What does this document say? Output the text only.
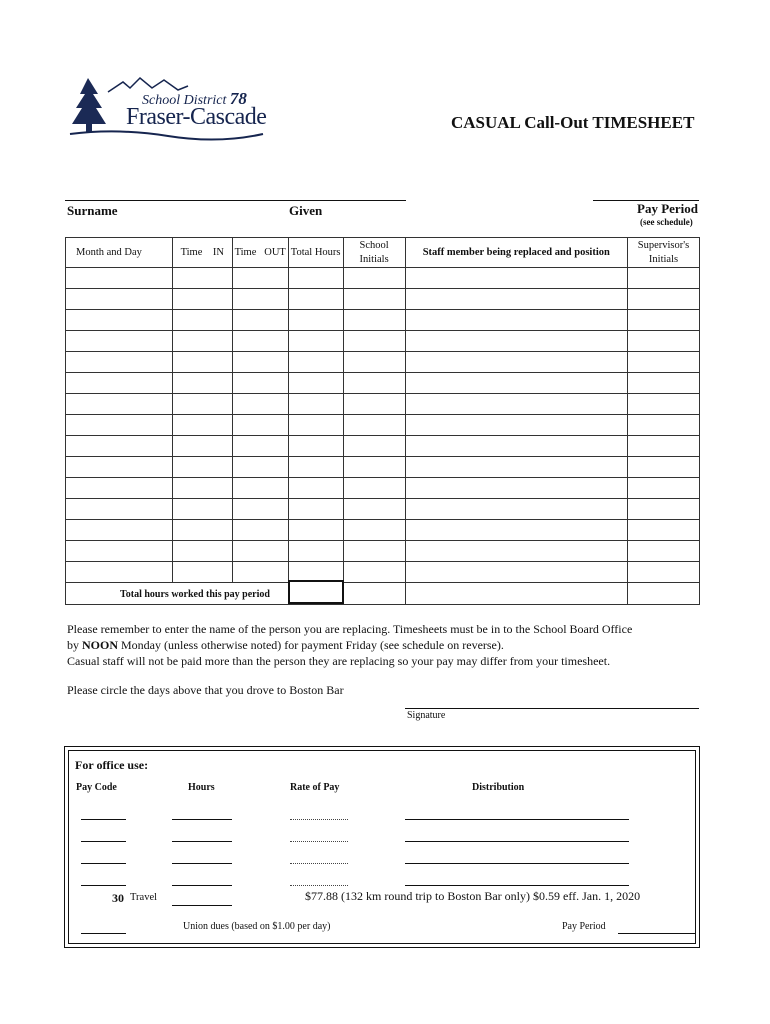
School District 78
Fraser-Cascade	CASUAL Call-Out TIMESHEET
Surname	Given	Pay Period
(see schedule)
Month and Day	Time    IN	Time   OUT	Total Hours	School Initials	Staff member being replaced and position	Supervisor's Initials

Total hours worked this pay period
Please remember to enter the name of the person you are replacing. Timesheets must be in to the School Board Office
by NOON Monday (unless otherwise noted) for payment Friday (see schedule on reverse).
Casual staff will not be paid more than the person they are replacing so your pay may differ from your timesheet.
Please circle the days above that you drove to Boston Bar
Signature
For office use:
Pay Code	Hours	Rate of Pay	Distribution
30 Travel	$77.88 (132 km round trip to Boston Bar only) $0.59 eff. Jan. 1, 2020
Union dues (based on $1.00 per day)	Pay Period
